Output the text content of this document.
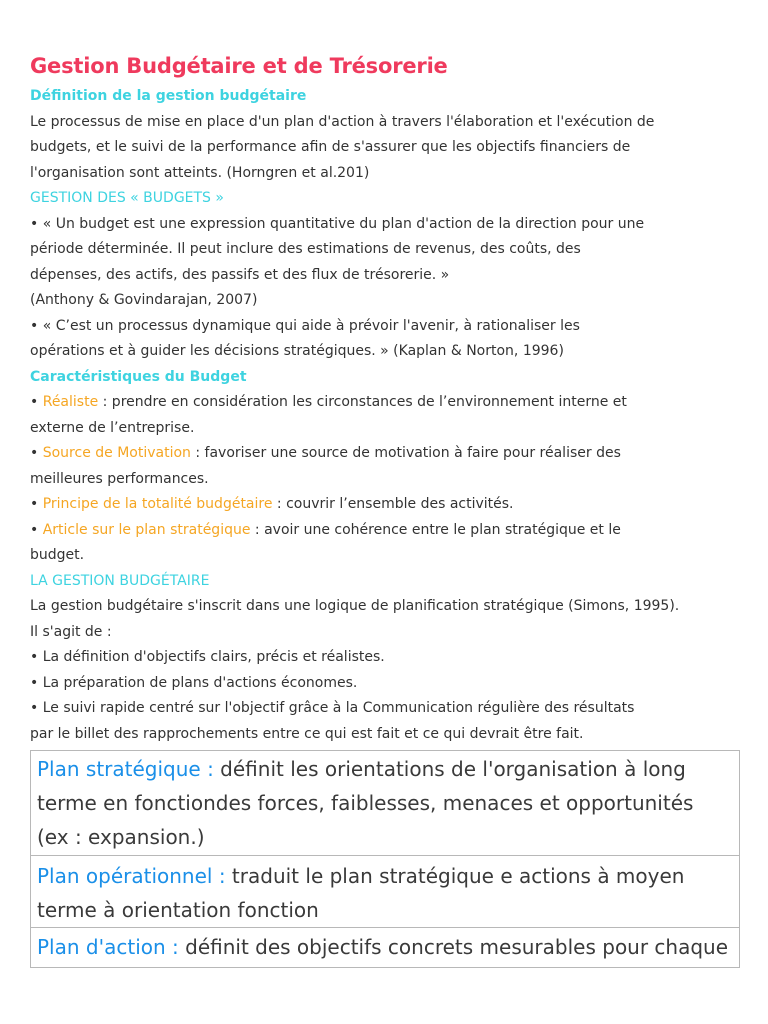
Gestion Budgétaire et de Trésorerie
Définition de la gestion budgétaire
Le processus de mise en place d'un plan d'action à travers l'élaboration et l'exécution de
budgets, et le suivi de la performance afin de s'assurer que les objectifs financiers de
l'organisation sont atteints. (Horngren et al.201)
GESTION DES « BUDGETS »
• « Un budget est une expression quantitative du plan d'action de la direction pour une
période déterminée. Il peut inclure des estimations de revenus, des coûts, des
dépenses, des actifs, des passifs et des flux de trésorerie. »
(Anthony & Govindarajan, 2007)
• « C’est un processus dynamique qui aide à prévoir l'avenir, à rationaliser les
opérations et à guider les décisions stratégiques. » (Kaplan & Norton, 1996)
Caractéristiques du Budget
• Réaliste : prendre en considération les circonstances de l’environnement interne et
externe de l’entreprise.
• Source de Motivation : favoriser une source de motivation à faire pour réaliser des
meilleures performances.
• Principe de la totalité budgétaire : couvrir l’ensemble des activités.
• Article sur le plan stratégique : avoir une cohérence entre le plan stratégique et le
budget.
LA GESTION BUDGÉTAIRE
La gestion budgétaire s'inscrit dans une logique de planification stratégique (Simons, 1995).
Il s'agit de :
• La définition d'objectifs clairs, précis et réalistes.
• La préparation de plans d'actions économes.
• Le suivi rapide centré sur l'objectif grâce à la Communication régulière des résultats
par le billet des rapprochements entre ce qui est fait et ce qui devrait être fait.
Plan stratégique : définit les orientations de l'organisation à long
terme en fonctiondes forces, faiblesses, menaces et opportunités
(ex : expansion.)
Plan opérationnel : traduit le plan stratégique e actions à moyen
terme à orientation fonction
Plan d'action : définit des objectifs concrets mesurables pour chaque
